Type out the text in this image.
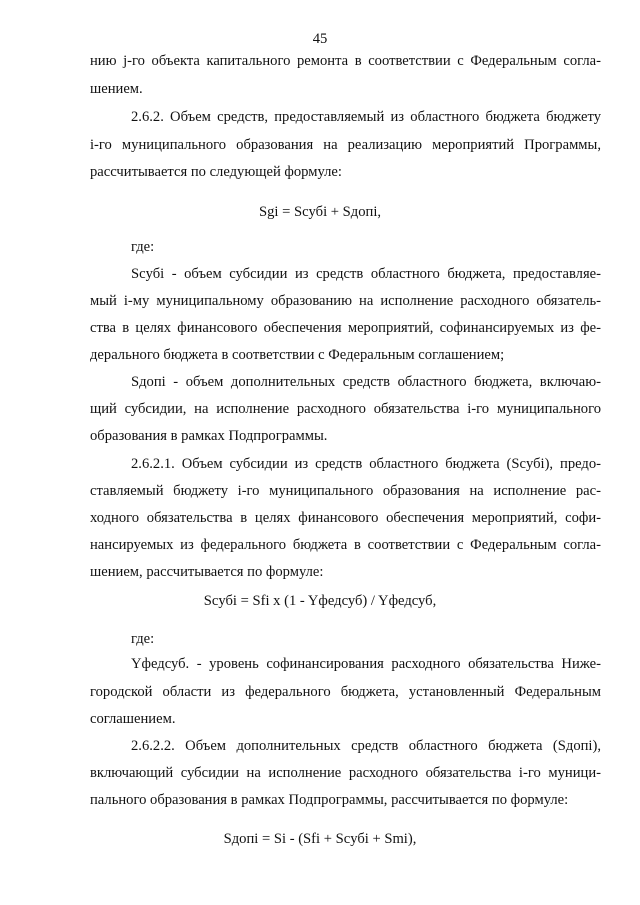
45
нию j-го объекта капитального ремонта в соответствии с Федеральным согла-
шением.
2.6.2. Объем средств, предоставляемый из областного бюджета бюджету
i-го муниципального образования на реализацию мероприятий Программы,
рассчитывается по следующей формуле:
Sgi = Scубi + Sдопi,
где:
Scубi - объем субсидии из средств областного бюджета, предоставляе-
мый i-му муниципальному образованию на исполнение расходного обязатель-
ства в целях финансового обеспечения мероприятий, софинансируемых из фе-
дерального бюджета в соответствии с Федеральным соглашением;
Sдопi - объем дополнительных средств областного бюджета, включаю-
щий субсидии, на исполнение расходного обязательства i-го муниципального
образования в рамках Подпрограммы.
2.6.2.1. Объем субсидии из средств областного бюджета (Scубi), предо-
ставляемый бюджету i-го муниципального образования на исполнение рас-
ходного обязательства в целях финансового обеспечения мероприятий, софи-
нансируемых из федерального бюджета в соответствии с Федеральным согла-
шением, рассчитывается по формуле:
Scубi = Sfi x (1 - Yфедсуб) / Yфедсуб,
где:
Yфедсуб. - уровень софинансирования расходного обязательства Ниже-
городской области из федерального бюджета, установленный Федеральным
соглашением.
2.6.2.2. Объем дополнительных средств областного бюджета (Sдопi),
включающий субсидии на исполнение расходного обязательства i-го муници-
пального образования в рамках Подпрограммы, рассчитывается по формуле:
Sдопi = Si - (Sfi + Scубi + Smi),
